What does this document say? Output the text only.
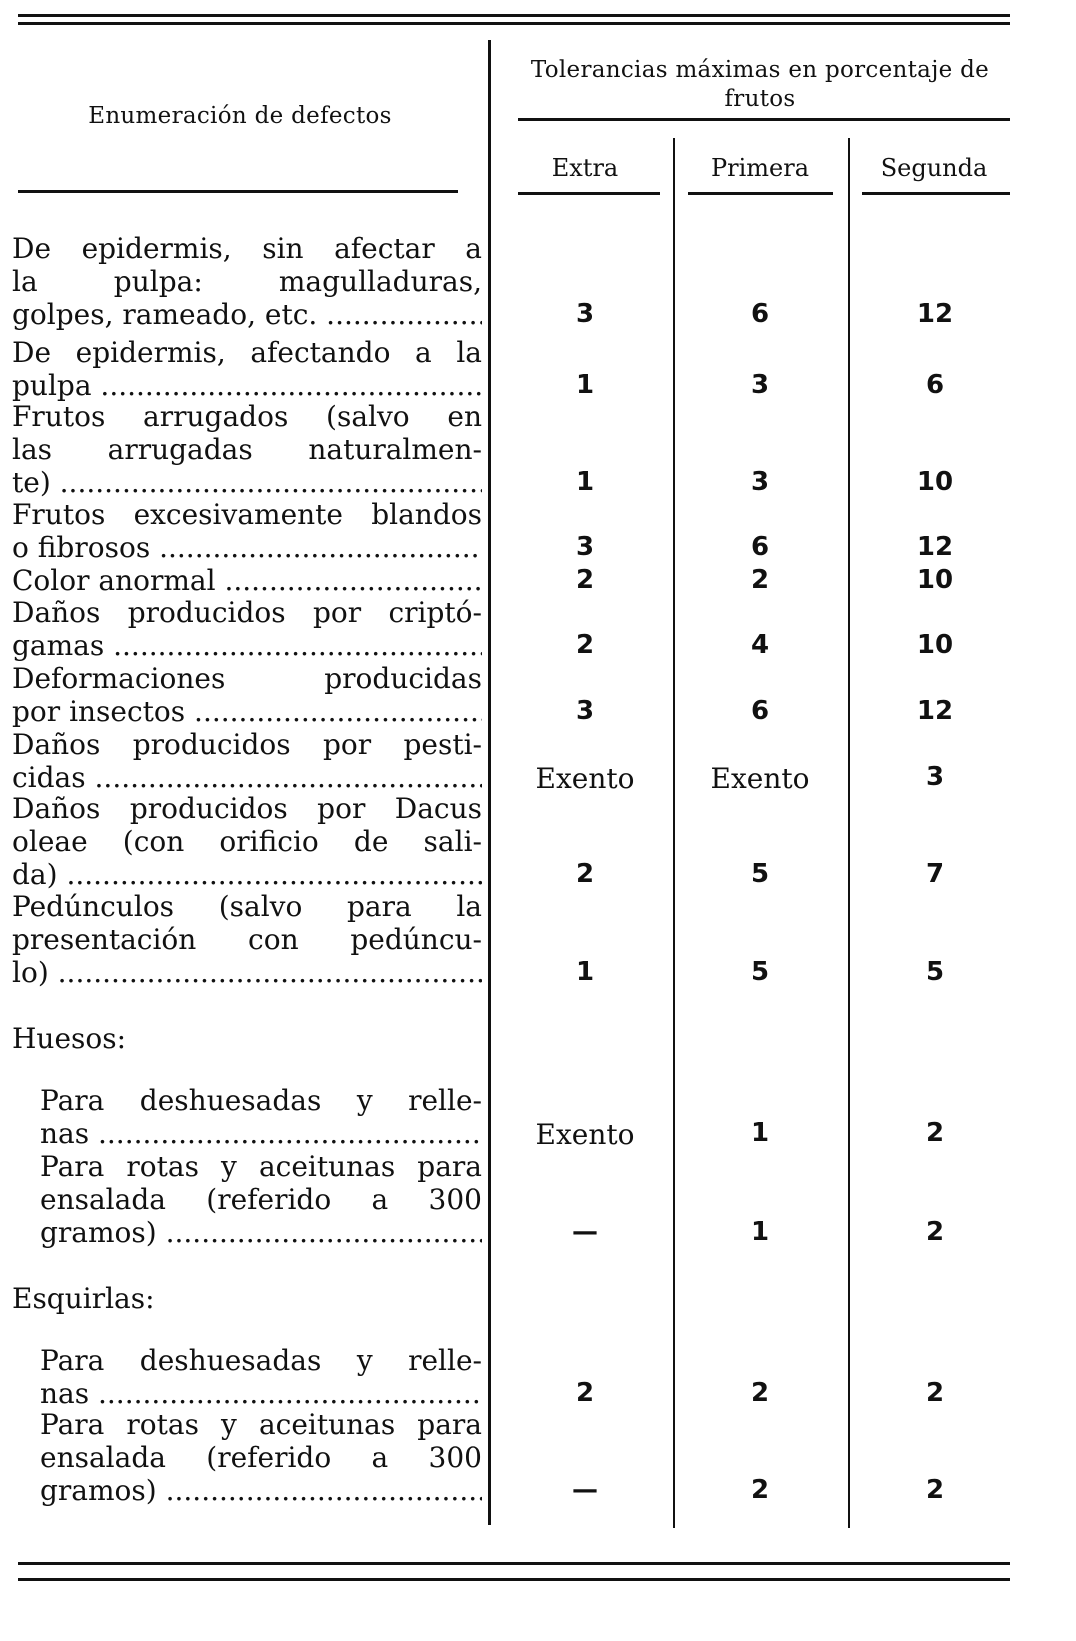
Enumeración de defectos
Tolerancias máximas en porcentaje de frutos
Extra	Primera	Segunda
De epidermis, sin afectar a
la pulpa: magulladuras,
golpes, rameado, etc. .....	3	6	12
De epidermis, afectando a la
pulpa .....	1	3	6
Frutos arrugados (salvo en
las arrugadas naturalmen-
te) .....	1	3	10
Frutos excesivamente blandos
o fibrosos .....	3	6	12
Color anormal .....	2	2	10
Daños producidos por criptó-
gamas .....	2	4	10
Deformaciones producidas
por insectos .....	3	6	12
Daños producidos por pesti-
cidas .....	Exento	Exento	3
Daños producidos por Dacus
oleae (con orificio de sali-
da) .....	2	5	7
Pedúnculos (salvo para la
presentación con pedúncu-
lo) .....	1	5	5
Huesos:
Para deshuesadas y relle-
nas .....	Exento	1	2
Para rotas y aceitunas para
ensalada (referido a 300
gramos) .....	—	1	2
Esquirlas:
Para deshuesadas y relle-
nas .....	2	2	2
Para rotas y aceitunas para
ensalada (referido a 300
gramos) .....	—	2	2
